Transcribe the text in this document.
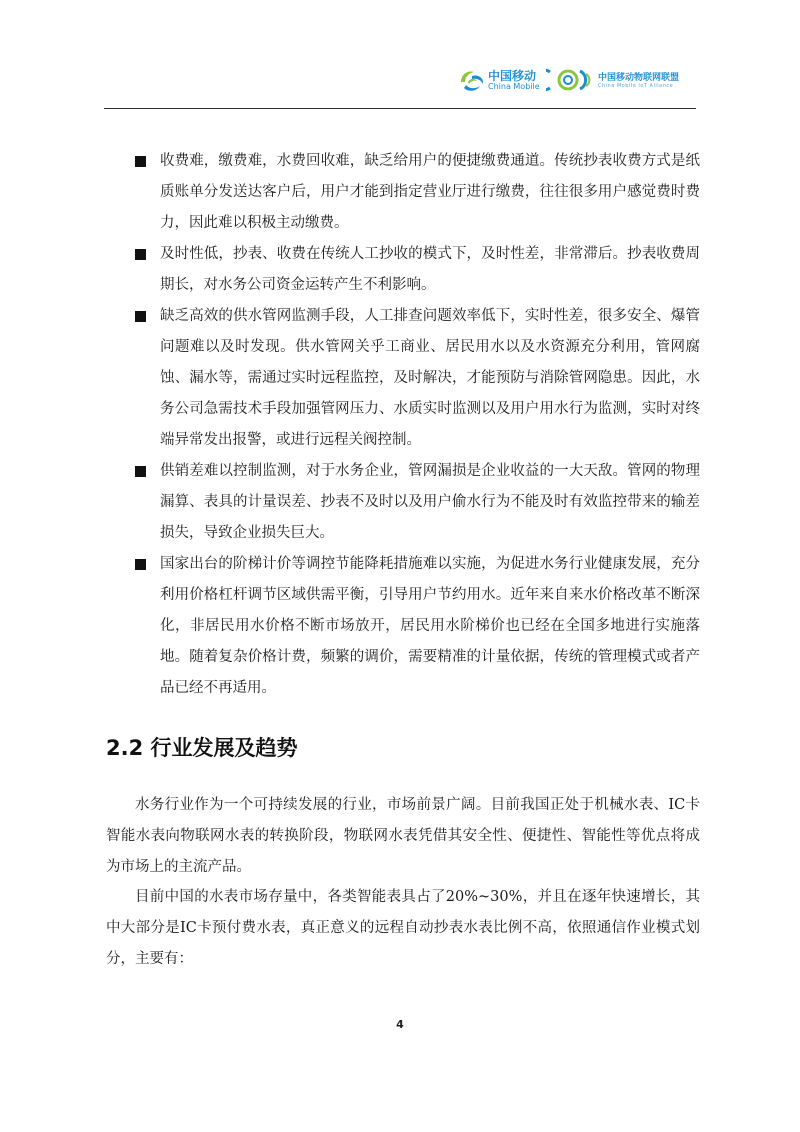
中国移动
China Mobile
中国移动物联网联盟
China Mobile IoT Alliance
收费难，缴费难，水费回收难，缺乏给用户的便捷缴费通道。传统抄表收费方式是纸质账单分发送达客户后，用户才能到指定营业厅进行缴费，往往很多用户感觉费时费力，因此难以积极主动缴费。
及时性低，抄表、收费在传统人工抄收的模式下，及时性差，非常滞后。抄表收费周期长，对水务公司资金运转产生不利影响。
缺乏高效的供水管网监测手段，人工排查问题效率低下，实时性差，很多安全、爆管问题难以及时发现。供水管网关乎工商业、居民用水以及水资源充分利用，管网腐蚀、漏水等，需通过实时远程监控，及时解决，才能预防与消除管网隐患。因此，水务公司急需技术手段加强管网压力、水质实时监测以及用户用水行为监测，实时对终端异常发出报警，或进行远程关阀控制。
供销差难以控制监测，对于水务企业，管网漏损是企业收益的一大天敌。管网的物理漏算、表具的计量误差、抄表不及时以及用户偷水行为不能及时有效监控带来的输差损失，导致企业损失巨大。
国家出台的阶梯计价等调控节能降耗措施难以实施，为促进水务行业健康发展，充分利用价格杠杆调节区域供需平衡，引导用户节约用水。近年来自来水价格改革不断深化，非居民用水价格不断市场放开，居民用水阶梯价也已经在全国多地进行实施落地。随着复杂价格计费，频繁的调价，需要精准的计量依据，传统的管理模式或者产品已经不再适用。
2.2 行业发展及趋势

水务行业作为一个可持续发展的行业，市场前景广阔。目前我国正处于机械水表、IC卡智能水表向物联网水表的转换阶段，物联网水表凭借其安全性、便捷性、智能性等优点将成为市场上的主流产品。

目前中国的水表市场存量中，各类智能表具占了20%~30%，并且在逐年快速增长，其中大部分是IC卡预付费水表，真正意义的远程自动抄表水表比例不高，依照通信作业模式划分，主要有：

4
